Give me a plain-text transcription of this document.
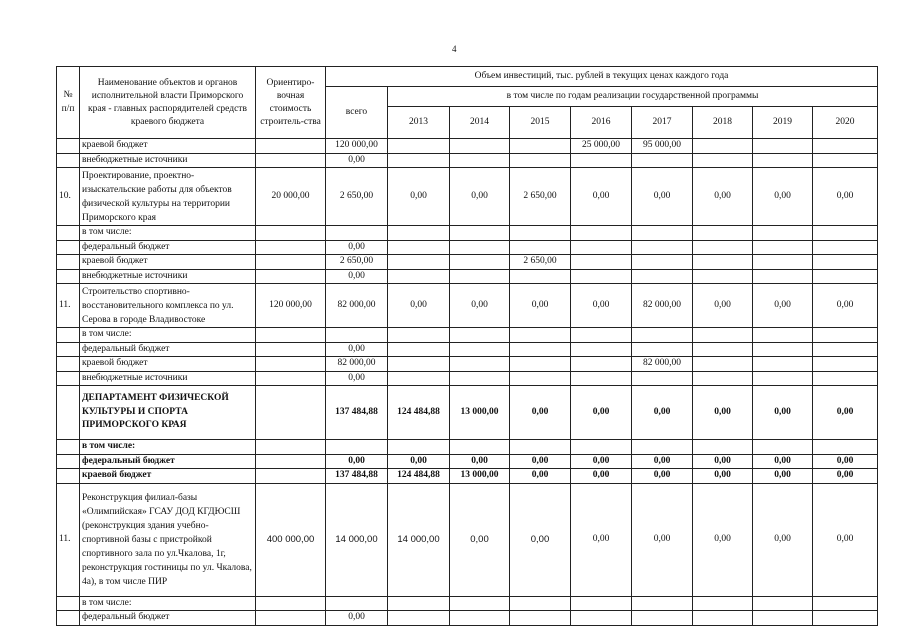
4
№ п/п	Наименование объектов и органов исполнительной власти Приморского края - главных распорядителей средств краевого бюджета	Ориентиро-вочная стоимость строитель-ства	Объем инвестиций, тыс. рублей в текущих ценах каждого года								
			всего	в том числе по годам реализации государственной программы							
				2013	2014	2015	2016	2017	2018	2019	2020
	краевой бюджет		120 000,00				25 000,00	95 000,00			
	внебюджетные источники		0,00								
10.	Проектирование, проектно-изыскательские работы для объектов физической культуры на территории Приморского края	20 000,00	2 650,00	0,00	0,00	2 650,00	0,00	0,00	0,00	0,00	0,00
	в том числе:										
	федеральный бюджет		0,00								
	краевой бюджет		2 650,00			2 650,00					
	внебюджетные источники		0,00								
11.	Строительство спортивно-восстановительного комплекса по ул. Серова в городе Владивостоке	120 000,00	82 000,00	0,00	0,00	0,00	0,00	82 000,00	0,00	0,00	0,00
	в том числе:										
	федеральный бюджет		0,00								
	краевой бюджет		82 000,00					82 000,00			
	внебюджетные источники		0,00								
	ДЕПАРТАМЕНТ ФИЗИЧЕСКОЙ КУЛЬТУРЫ И СПОРТА ПРИМОРСКОГО КРАЯ		137 484,88	124 484,88	13 000,00	0,00	0,00	0,00	0,00	0,00	0,00
	в том числе:										
	федеральный бюджет		0,00	0,00	0,00	0,00	0,00	0,00	0,00	0,00	0,00
	краевой бюджет		137 484,88	124 484,88	13 000,00	0,00	0,00	0,00	0,00	0,00	0,00
11.	Реконструкция филиал-базы «Олимпийская» ГСАУ ДОД КГДЮСШ (реконструкция здания учебно-спортивной базы с пристройкой спортивного зала по ул.Чкалова, 1г, реконструкция гостиницы по ул. Чкалова, 4а), в том числе ПИР	400 000,00	14 000,00	14 000,00	0,00	0,00	0,00	0,00	0,00	0,00	0,00
	в том числе:										
	федеральный бюджет		0,00								
